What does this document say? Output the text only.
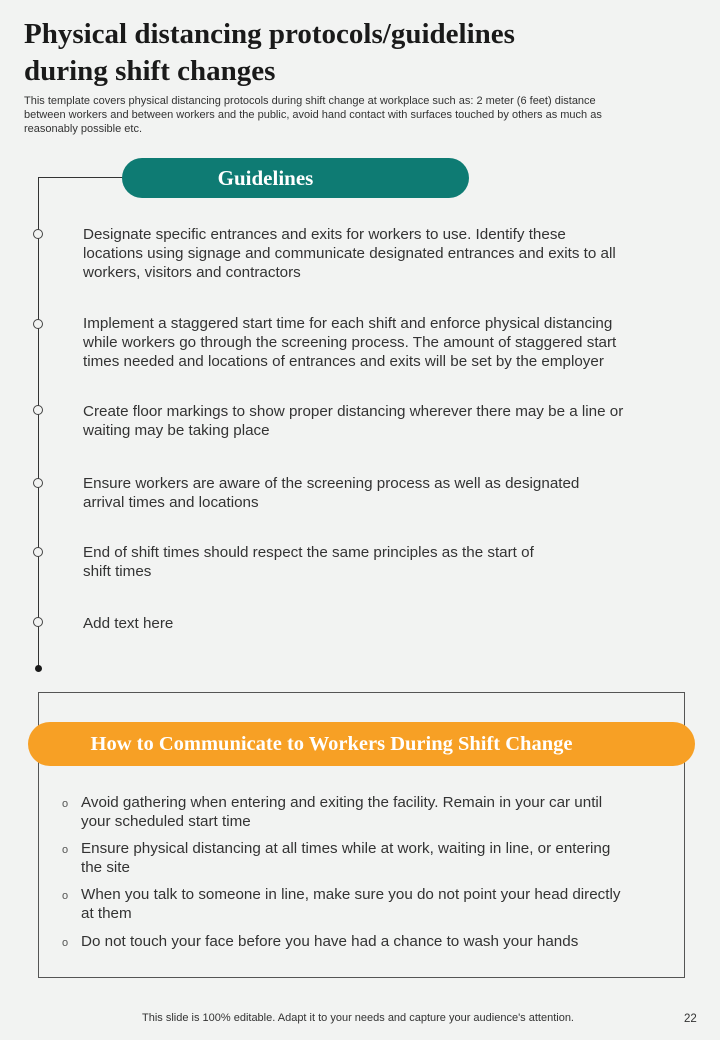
Physical distancing protocols/guidelines
during shift changes
This template covers physical distancing protocols during shift change at workplace such as: 2 meter (6 feet) distance
between workers and between workers and the public, avoid hand contact with surfaces touched by others as much as
reasonably possible etc.
Guidelines
Designate specific entrances and exits for workers to use. Identify these
locations using signage and communicate designated entrances and exits to all
workers, visitors and contractors
Implement a staggered start time for each shift and enforce physical distancing
while workers go through the screening process. The amount of staggered start
times needed and locations of entrances and exits will be set by the employer
Create floor markings to show proper distancing wherever there may be a line or
waiting may be taking place
Ensure workers are aware of the screening process as well as designated
arrival times and locations
End of shift times should respect the same principles as the start of
shift times
Add text here
How to Communicate to Workers During Shift Change
o Avoid gathering when entering and exiting the facility. Remain in your car until
your scheduled start time
o Ensure physical distancing at all times while at work, waiting in line, or entering
the site
o When you talk to someone in line, make sure you do not point your head directly
at them
o Do not touch your face before you have had a chance to wash your hands
This slide is 100% editable. Adapt it to your needs and capture your audience's attention.	22
